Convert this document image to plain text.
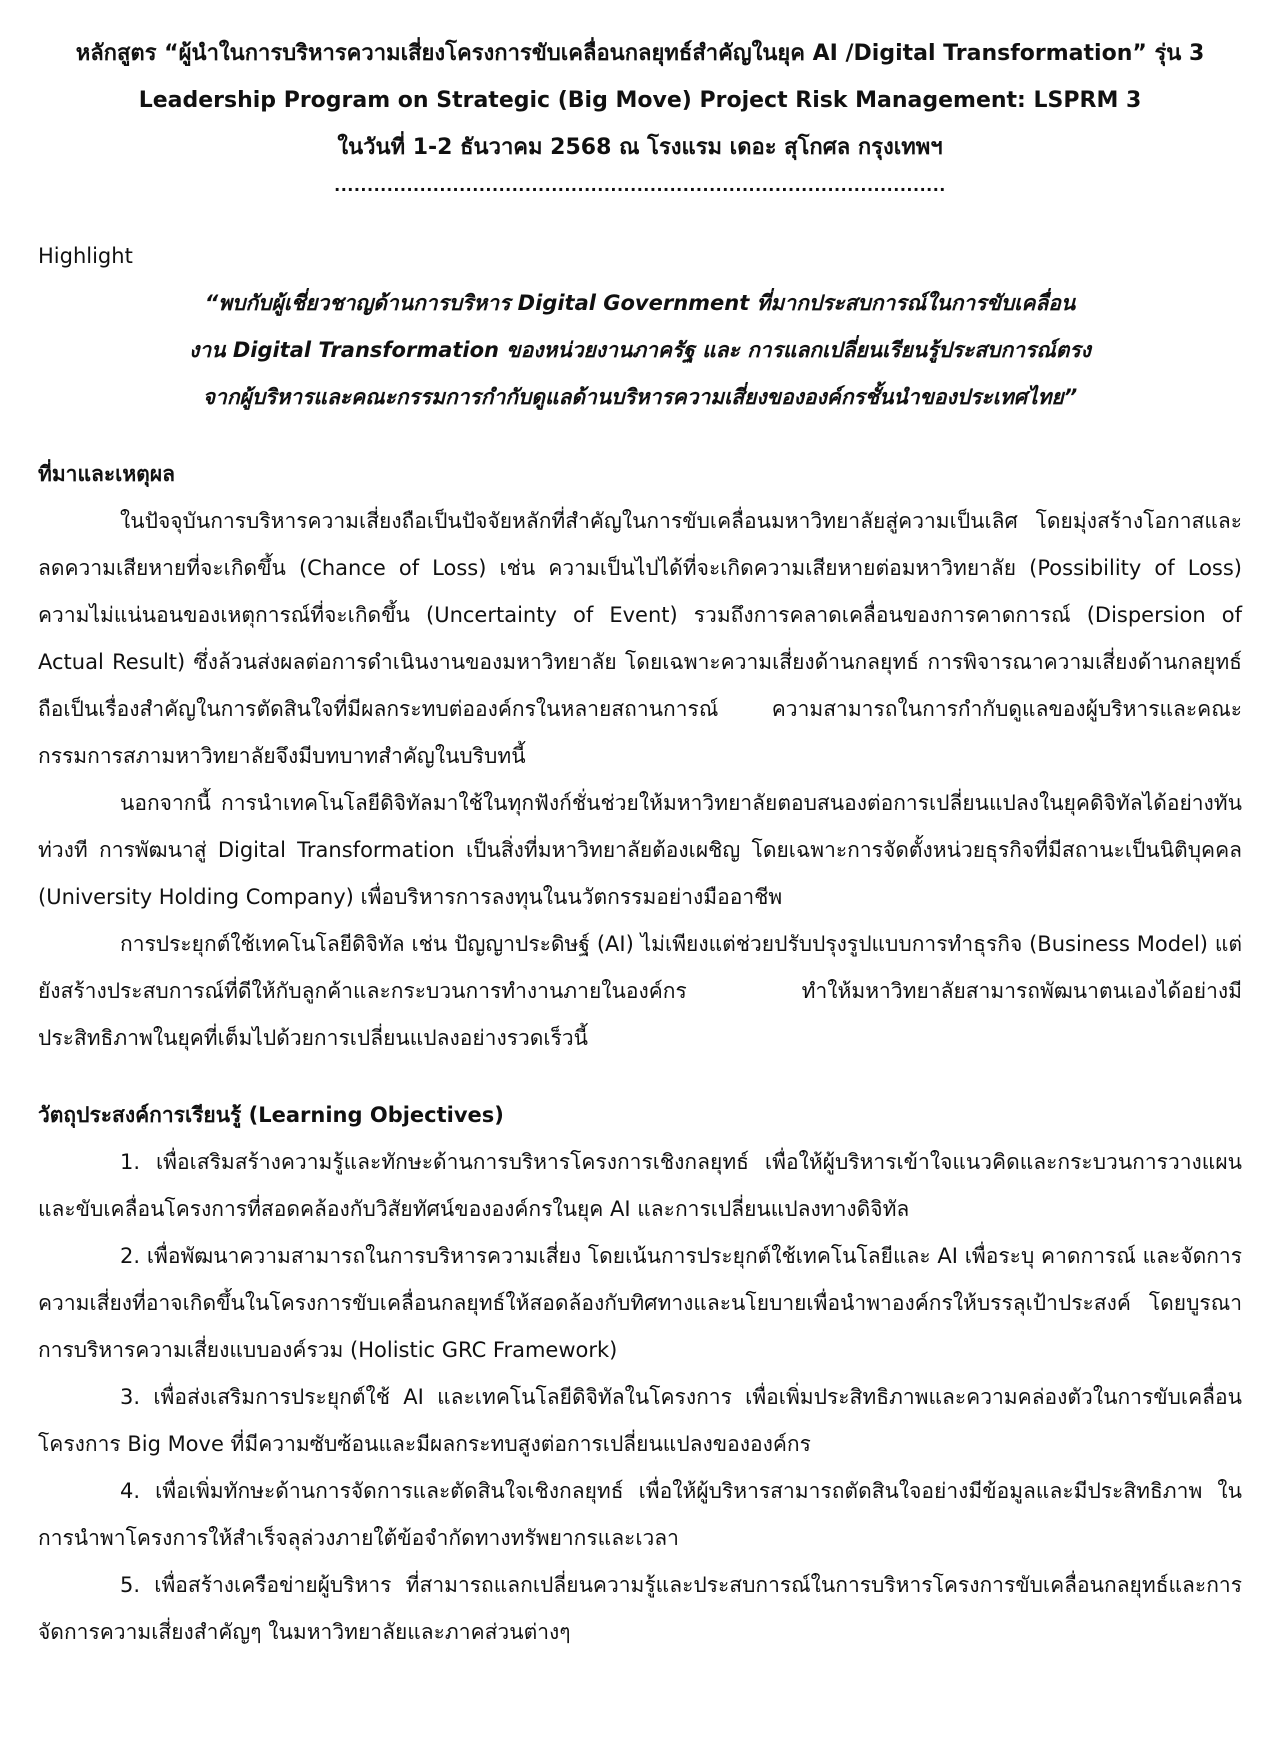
หลักสูตร “ผู้นำในการบริหารความเสี่ยงโครงการขับเคลื่อนกลยุทธ์สำคัญในยุค AI /Digital Transformation” รุ่น 3

Leadership Program on Strategic (Big Move) Project Risk Management: LSPRM 3

ในวันที่ 1-2 ธันวาคม 2568 ณ โรงแรม เดอะ สุโกศล กรุงเทพฯ

.............................................................................................

Highlight

“พบกับผู้เชี่ยวชาญด้านการบริหาร Digital Government ที่มากประสบการณ์ในการขับเคลื่อน

งาน Digital Transformation ของหน่วยงานภาครัฐ และ การแลกเปลี่ยนเรียนรู้ประสบการณ์ตรง

จากผู้บริหารและคณะกรรมการกำกับดูแลด้านบริหารความเสี่ยงขององค์กรชั้นนำของประเทศไทย”

ที่มาและเหตุผล

ในปัจจุบันการบริหารความเสี่ยงถือเป็นปัจจัยหลักที่สำคัญในการขับเคลื่อนมหาวิทยาลัยสู่ความเป็นเลิศ โดยมุ่งสร้างโอกาสและลดความเสียหายที่จะเกิดขึ้น (Chance of Loss) เช่น ความเป็นไปได้ที่จะเกิดความเสียหายต่อมหาวิทยาลัย (Possibility of Loss) ความไม่แน่นอนของเหตุการณ์ที่จะเกิดขึ้น (Uncertainty of Event) รวมถึงการคลาดเคลื่อนของการคาดการณ์ (Dispersion of Actual Result) ซึ่งล้วนส่งผลต่อการดำเนินงานของมหาวิทยาลัย โดยเฉพาะความเสี่ยงด้านกลยุทธ์ การพิจารณาความเสี่ยงด้านกลยุทธ์ถือเป็นเรื่องสำคัญในการตัดสินใจที่มีผลกระทบต่อองค์กรในหลายสถานการณ์ ความสามารถในการกำกับดูแลของผู้บริหารและคณะกรรมการสภามหาวิทยาลัยจึงมีบทบาทสำคัญในบริบทนี้

นอกจากนี้ การนำเทคโนโลยีดิจิทัลมาใช้ในทุกฟังก์ชั่นช่วยให้มหาวิทยาลัยตอบสนองต่อการเปลี่ยนแปลงในยุคดิจิทัลได้อย่างทันท่วงที การพัฒนาสู่ Digital Transformation เป็นสิ่งที่มหาวิทยาลัยต้องเผชิญ โดยเฉพาะการจัดตั้งหน่วยธุรกิจที่มีสถานะเป็นนิติบุคคล (University Holding Company) เพื่อบริหารการลงทุนในนวัตกรรมอย่างมืออาชีพ

การประยุกต์ใช้เทคโนโลยีดิจิทัล เช่น ปัญญาประดิษฐ์ (AI) ไม่เพียงแต่ช่วยปรับปรุงรูปแบบการทำธุรกิจ (Business Model) แต่ยังสร้างประสบการณ์ที่ดีให้กับลูกค้าและกระบวนการทำงานภายในองค์กร ทำให้มหาวิทยาลัยสามารถพัฒนาตนเองได้อย่างมีประสิทธิภาพในยุคที่เต็มไปด้วยการเปลี่ยนแปลงอย่างรวดเร็วนี้

วัตถุประสงค์การเรียนรู้ (Learning Objectives)

1. เพื่อเสริมสร้างความรู้และทักษะด้านการบริหารโครงการเชิงกลยุทธ์ เพื่อให้ผู้บริหารเข้าใจแนวคิดและกระบวนการวางแผนและขับเคลื่อนโครงการที่สอดคล้องกับวิสัยทัศน์ขององค์กรในยุค AI และการเปลี่ยนแปลงทางดิจิทัล

2. เพื่อพัฒนาความสามารถในการบริหารความเสี่ยง โดยเน้นการประยุกต์ใช้เทคโนโลยีและ AI เพื่อระบุ คาดการณ์ และจัดการความเสี่ยงที่อาจเกิดขึ้นในโครงการขับเคลื่อนกลยุทธ์ให้สอดล้องกับทิศทางและนโยบายเพื่อนำพาองค์กรให้บรรลุเป้าประสงค์ โดยบูรณาการบริหารความเสี่ยงแบบองค์รวม (Holistic GRC Framework)

3. เพื่อส่งเสริมการประยุกต์ใช้ AI และเทคโนโลยีดิจิทัลในโครงการ เพื่อเพิ่มประสิทธิภาพและความคล่องตัวในการขับเคลื่อนโครงการ Big Move ที่มีความซับซ้อนและมีผลกระทบสูงต่อการเปลี่ยนแปลงขององค์กร

4. เพื่อเพิ่มทักษะด้านการจัดการและตัดสินใจเชิงกลยุทธ์ เพื่อให้ผู้บริหารสามารถตัดสินใจอย่างมีข้อมูลและมีประสิทธิภาพ ในการนำพาโครงการให้สำเร็จลุล่วงภายใต้ข้อจำกัดทางทรัพยากรและเวลา

5. เพื่อสร้างเครือข่ายผู้บริหาร ที่สามารถแลกเปลี่ยนความรู้และประสบการณ์ในการบริหารโครงการขับเคลื่อนกลยุทธ์และการจัดการความเสี่ยงสำคัญๆ ในมหาวิทยาลัยและภาคส่วนต่างๆ
